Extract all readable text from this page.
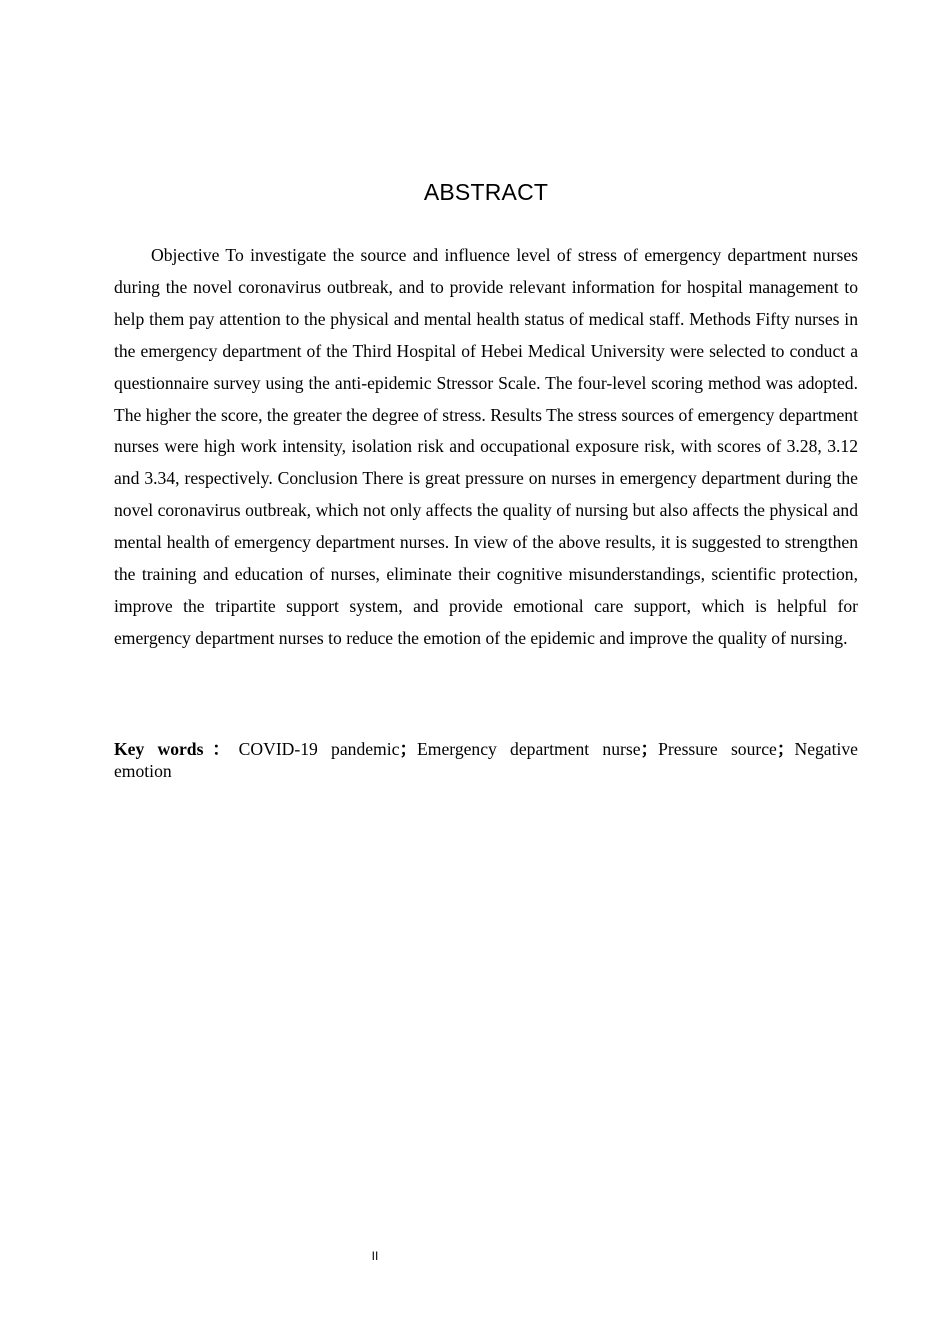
ABSTRACT

Objective To investigate the source and influence level of stress of emergency department nurses during the novel coronavirus outbreak, and to provide relevant information for hospital management to help them pay attention to the physical and mental health status of medical staff. Methods Fifty nurses in the emergency department of the Third Hospital of Hebei Medical University were selected to conduct a questionnaire survey using the anti-epidemic Stressor Scale. The four-level scoring method was adopted. The higher the score, the greater the degree of stress. Results The stress sources of emergency department nurses were high work intensity, isolation risk and occupational exposure risk, with scores of 3.28, 3.12 and 3.34, respectively. Conclusion There is great pressure on nurses in emergency department during the novel coronavirus outbreak, which not only affects the quality of nursing but also affects the physical and mental health of emergency department nurses. In view of the above results, it is suggested to strengthen the training and education of nurses, eliminate their cognitive misunderstandings, scientific protection, improve the tripartite support system, and provide emotional care support, which is helpful for emergency department nurses to reduce the emotion of the epidemic and improve the quality of nursing.

Key words：COVID-19 pandemic；Emergency department nurse；Pressure source；Negative emotion

II
